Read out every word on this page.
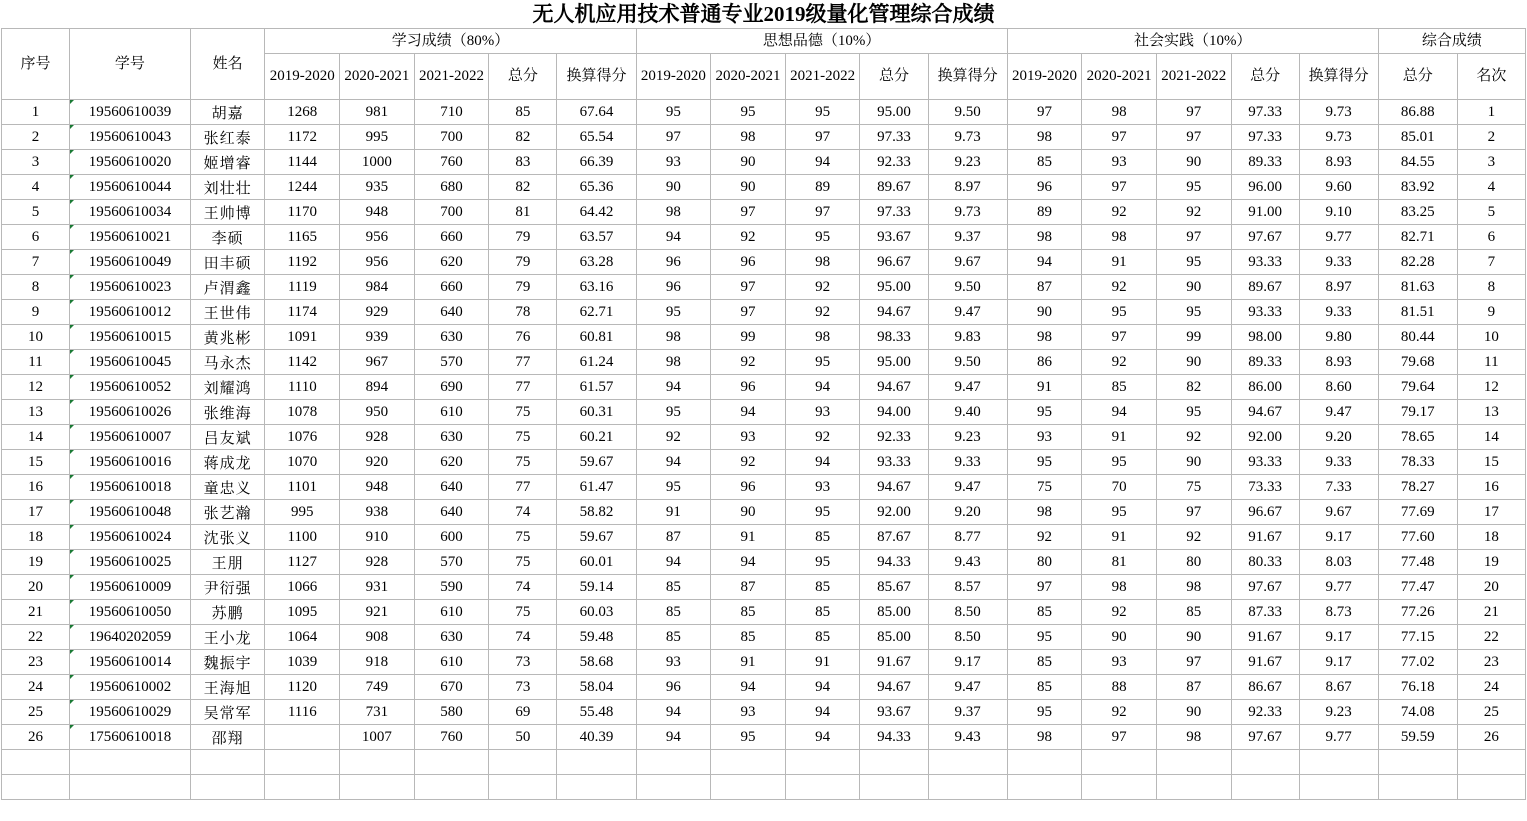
无人机应用技术普通专业2019级量化管理综合成绩
序号	学号	姓名	学习成绩（80%）					思想品德（10%）					社会实践（10%）					综合成绩	
			2019-2020	2020-2021	2021-2022	总分	换算得分	2019-2020	2020-2021	2021-2022	总分	换算得分	2019-2020	2020-2021	2021-2022	总分	换算得分	总分	名次
1	19560610039	胡嘉	1268	981	710	85	67.64	95	95	95	95.00	9.50	97	98	97	97.33	9.73	86.88	1
2	19560610043	张红泰	1172	995	700	82	65.54	97	98	97	97.33	9.73	98	97	97	97.33	9.73	85.01	2
3	19560610020	姬增睿	1144	1000	760	83	66.39	93	90	94	92.33	9.23	85	93	90	89.33	8.93	84.55	3
4	19560610044	刘壮壮	1244	935	680	82	65.36	90	90	89	89.67	8.97	96	97	95	96.00	9.60	83.92	4
5	19560610034	王帅博	1170	948	700	81	64.42	98	97	97	97.33	9.73	89	92	92	91.00	9.10	83.25	5
6	19560610021	李硕	1165	956	660	79	63.57	94	92	95	93.67	9.37	98	98	97	97.67	9.77	82.71	6
7	19560610049	田丰硕	1192	956	620	79	63.28	96	96	98	96.67	9.67	94	91	95	93.33	9.33	82.28	7
8	19560610023	卢渭鑫	1119	984	660	79	63.16	96	97	92	95.00	9.50	87	92	90	89.67	8.97	81.63	8
9	19560610012	王世伟	1174	929	640	78	62.71	95	97	92	94.67	9.47	90	95	95	93.33	9.33	81.51	9
10	19560610015	黄兆彬	1091	939	630	76	60.81	98	99	98	98.33	9.83	98	97	99	98.00	9.80	80.44	10
11	19560610045	马永杰	1142	967	570	77	61.24	98	92	95	95.00	9.50	86	92	90	89.33	8.93	79.68	11
12	19560610052	刘耀鸿	1110	894	690	77	61.57	94	96	94	94.67	9.47	91	85	82	86.00	8.60	79.64	12
13	19560610026	张维海	1078	950	610	75	60.31	95	94	93	94.00	9.40	95	94	95	94.67	9.47	79.17	13
14	19560610007	吕友斌	1076	928	630	75	60.21	92	93	92	92.33	9.23	93	91	92	92.00	9.20	78.65	14
15	19560610016	蒋成龙	1070	920	620	75	59.67	94	92	94	93.33	9.33	95	95	90	93.33	9.33	78.33	15
16	19560610018	童忠义	1101	948	640	77	61.47	95	96	93	94.67	9.47	75	70	75	73.33	7.33	78.27	16
17	19560610048	张艺瀚	995	938	640	74	58.82	91	90	95	92.00	9.20	98	95	97	96.67	9.67	77.69	17
18	19560610024	沈张义	1100	910	600	75	59.67	87	91	85	87.67	8.77	92	91	92	91.67	9.17	77.60	18
19	19560610025	王朋	1127	928	570	75	60.01	94	94	95	94.33	9.43	80	81	80	80.33	8.03	77.48	19
20	19560610009	尹衍强	1066	931	590	74	59.14	85	87	85	85.67	8.57	97	98	98	97.67	9.77	77.47	20
21	19560610050	苏鹏	1095	921	610	75	60.03	85	85	85	85.00	8.50	85	92	85	87.33	8.73	77.26	21
22	19640202059	王小龙	1064	908	630	74	59.48	85	85	85	85.00	8.50	95	90	90	91.67	9.17	77.15	22
23	19560610014	魏振宇	1039	918	610	73	58.68	93	91	91	91.67	9.17	85	93	97	91.67	9.17	77.02	23
24	19560610002	王海旭	1120	749	670	73	58.04	96	94	94	94.67	9.47	85	88	87	86.67	8.67	76.18	24
25	19560610029	吴常军	1116	731	580	69	55.48	94	93	94	93.67	9.37	95	92	90	92.33	9.23	74.08	25
26	17560610018	邵翔		1007	760	50	40.39	94	95	94	94.33	9.43	98	97	98	97.67	9.77	59.59	26
